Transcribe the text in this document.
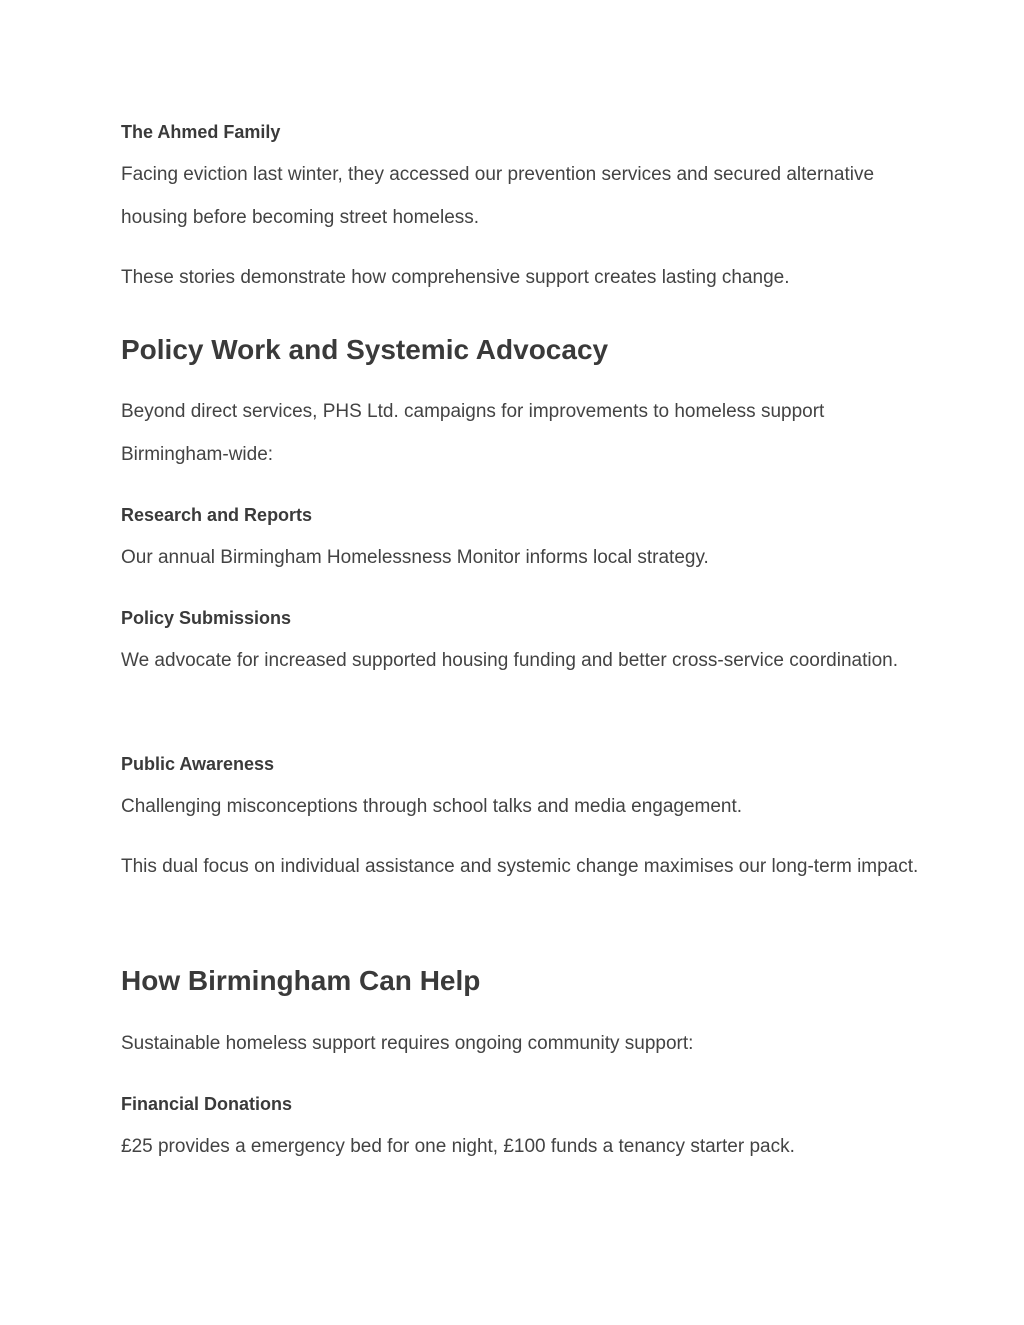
The Ahmed Family
Facing eviction last winter, they accessed our prevention services and secured alternative housing before becoming street homeless.
These stories demonstrate how comprehensive support creates lasting change.
Policy Work and Systemic Advocacy
Beyond direct services, PHS Ltd. campaigns for improvements to homeless support Birmingham-wide:
Research and Reports
Our annual Birmingham Homelessness Monitor informs local strategy.
Policy Submissions
We advocate for increased supported housing funding and better cross-service coordination.
Public Awareness
Challenging misconceptions through school talks and media engagement.
This dual focus on individual assistance and systemic change maximises our long-term impact.
How Birmingham Can Help
Sustainable homeless support requires ongoing community support:
Financial Donations
£25 provides a emergency bed for one night, £100 funds a tenancy starter pack.
